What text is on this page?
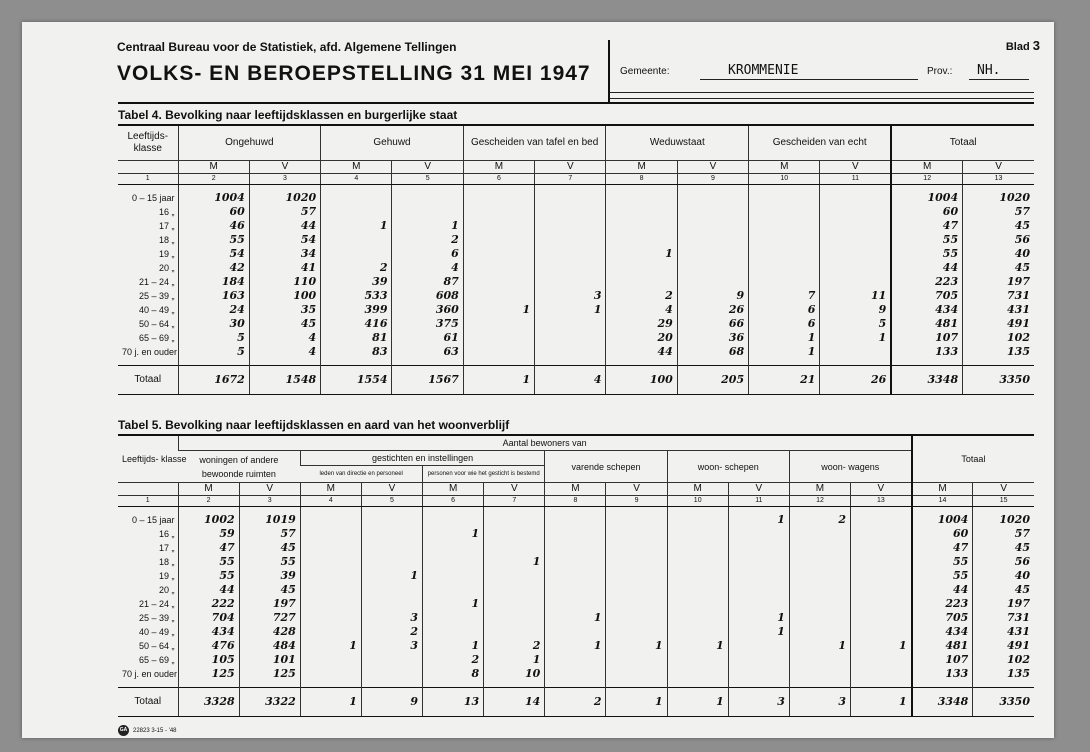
Centraal Bureau voor de Statistiek, afd. Algemene Tellingen
VOLKS- EN BEROEPSTELLING 31 MEI 1947
Blad 3
Gemeente:	KROMMENIE	Prov.: NH.
Tabel 4. Bevolking naar leeftijdsklassen en burgerlijke staat
Leeftijds- klasse	Ongehuwd		Gehuwd		Gescheiden van tafel en bed		Weduwstaat		Gescheiden van echt		Totaal	
	M	V	M	V	M	V	M	V	M	V	M	V
1	2	3	4	5	6	7	8	9	10	11	12	13

0 – 15 jaar	1004	1020									1004	1020
16 „	60	57									60	57
17 „	46	44	1	1							47	45
18 „	55	54		2							55	56
19 „	54	34		6			1				55	40
20 „	42	41	2	4							44	45
21 – 24 „	184	110	39	87							223	197
25 – 39 „	163	100	533	608		3	2	9	7	11	705	731
40 – 49 „	24	35	399	360	1	1	4	26	6	9	434	431
50 – 64 „	30	45	416	375			29	66	6	5	481	491
65 – 69 „	5	4	81	61			20	36	1	1	107	102
70 j. en ouder	5	4	83	63			44	68	1		133	135

Totaal	1672	1548	1554	1567	1	4	100	205	21	26	3348	3350
Tabel 5. Bevolking naar leeftijdsklassen en aard van het woonverblijf
Leeftijds- klasse	Aantal bewoners van												Totaal	
	woningen of andere bewoonde ruimten		gestichten en instellingen				varende schepen		woon- schepen		woon- wagens			
			leden van directie en personeel		personen voor wie het gesticht is bestemd									
	M	V	M	V	M	V	M	V	M	V	M	V	M	V
1	2	3	4	5	6	7	8	9	10	11	12	13	14	15

0 – 15 jaar	1002	1019								1	2		1004	1020
16 „	59	57			1								60	57
17 „	47	45											47	45
18 „	55	55				1							55	56
19 „	55	39		1									55	40
20 „	44	45											44	45
21 – 24 „	222	197			1								223	197
25 – 39 „	704	727		3			1			1			705	731
40 – 49 „	434	428		2						1			434	431
50 – 64 „	476	484	1	3	1	2	1	1	1		1	1	481	491
65 – 69 „	105	101			2	1							107	102
70 j. en ouder	125	125			8	10							133	135

Totaal	3328	3322	1	9	13	14	2	1	1	3	3	1	3348	3350
GA 22823 3-15 - '48
